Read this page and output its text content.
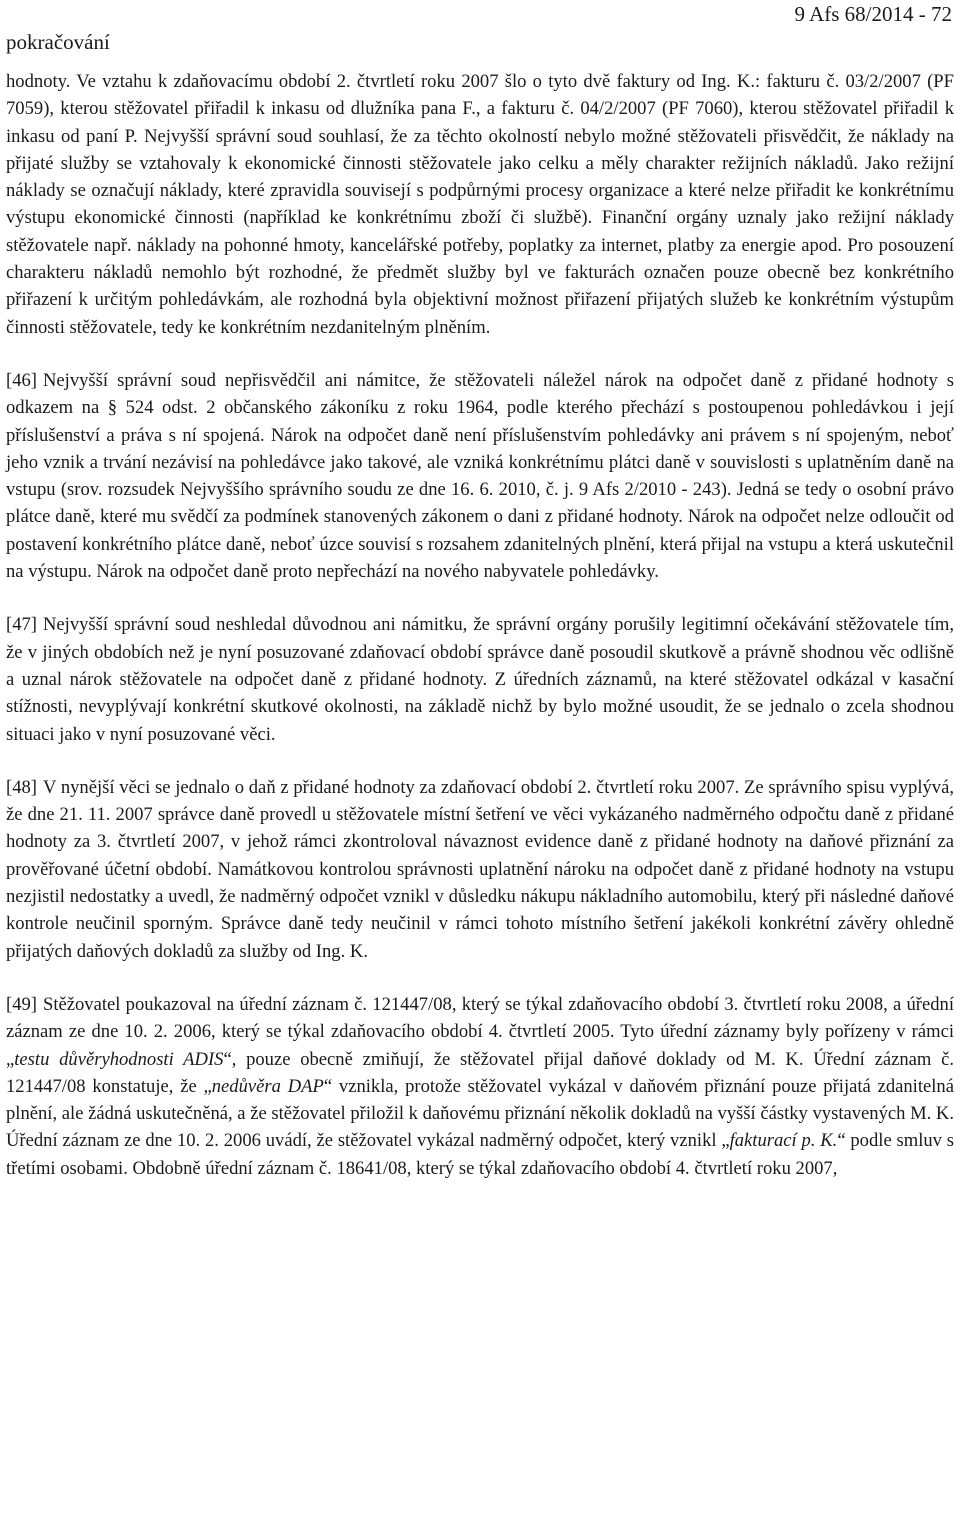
pokračování
9 Afs 68/2014 - 72

hodnoty. Ve vztahu k zdaňovacímu období 2. čtvrtletí roku 2007 šlo o tyto dvě faktury od Ing. K.: fakturu č. 03/2/2007 (PF 7059), kterou stěžovatel přiřadil k inkasu od dlužníka pana F., a fakturu č. 04/2/2007 (PF 7060), kterou stěžovatel přiřadil k inkasu od paní P. Nejvyšší správní soud souhlasí, že za těchto okolností nebylo možné stěžovateli přisvědčit, že náklady na přijaté služby se vztahovaly k ekonomické činnosti stěžovatele jako celku a měly charakter režijních nákladů. Jako režijní náklady se označují náklady, které zpravidla souvisejí s podpůrnými procesy organizace a které nelze přiřadit ke konkrétnímu výstupu ekonomické činnosti (například ke konkrétnímu zboží či službě). Finanční orgány uznaly jako režijní náklady stěžovatele např. náklady na pohonné hmoty, kancelářské potřeby, poplatky za internet, platby za energie apod. Pro posouzení charakteru nákladů nemohlo být rozhodné, že předmět služby byl ve fakturách označen pouze obecně bez konkrétního přiřazení k určitým pohledávkám, ale rozhodná byla objektivní možnost přiřazení přijatých služeb ke konkrétním výstupům činnosti stěžovatele, tedy ke konkrétním nezdanitelným plněním.

[46] Nejvyšší správní soud nepřisvědčil ani námitce, že stěžovateli náležel nárok na odpočet daně z přidané hodnoty s odkazem na § 524 odst. 2 občanského zákoníku z roku 1964, podle kterého přechází s postoupenou pohledávkou i její příslušenství a práva s ní spojená. Nárok na odpočet daně není příslušenstvím pohledávky ani právem s ní spojeným, neboť jeho vznik a trvání nezávisí na pohledávce jako takové, ale vzniká konkrétnímu plátci daně v souvislosti s uplatněním daně na vstupu (srov. rozsudek Nejvyššího správního soudu ze dne 16. 6. 2010, č. j. 9 Afs 2/2010 - 243). Jedná se tedy o osobní právo plátce daně, které mu svědčí za podmínek stanovených zákonem o dani z přidané hodnoty. Nárok na odpočet nelze odloučit od postavení konkrétního plátce daně, neboť úzce souvisí s rozsahem zdanitelných plnění, která přijal na vstupu a která uskutečnil na výstupu. Nárok na odpočet daně proto nepřechází na nového nabyvatele pohledávky.

[47] Nejvyšší správní soud neshledal důvodnou ani námitku, že správní orgány porušily legitimní očekávání stěžovatele tím, že v jiných obdobích než je nyní posuzované zdaňovací období správce daně posoudil skutkově a právně shodnou věc odlišně a uznal nárok stěžovatele na odpočet daně z přidané hodnoty. Z úředních záznamů, na které stěžovatel odkázal v kasační stížnosti, nevyplývají konkrétní skutkové okolnosti, na základě nichž by bylo možné usoudit, že se jednalo o zcela shodnou situaci jako v nyní posuzované věci.

[48] V nynější věci se jednalo o daň z přidané hodnoty za zdaňovací období 2. čtvrtletí roku 2007. Ze správního spisu vyplývá, že dne 21. 11. 2007 správce daně provedl u stěžovatele místní šetření ve věci vykázaného nadměrného odpočtu daně z přidané hodnoty za 3. čtvrtletí 2007, v jehož rámci zkontroloval návaznost evidence daně z přidané hodnoty na daňové přiznání za prověřované účetní období. Namátkovou kontrolou správnosti uplatnění nároku na odpočet daně z přidané hodnoty na vstupu nezjistil nedostatky a uvedl, že nadměrný odpočet vznikl v důsledku nákupu nákladního automobilu, který při následné daňové kontrole neučinil sporným. Správce daně tedy neučinil v rámci tohoto místního šetření jakékoli konkrétní závěry ohledně přijatých daňových dokladů za služby od Ing. K.

[49] Stěžovatel poukazoval na úřední záznam č. 121447/08, který se týkal zdaňovacího období 3. čtvrtletí roku 2008, a úřední záznam ze dne 10. 2. 2006, který se týkal zdaňovacího období 4. čtvrtletí 2005. Tyto úřední záznamy byly pořízeny v rámci „testu důvěryhodnosti ADIS“, pouze obecně zmiňují, že stěžovatel přijal daňové doklady od M. K. Úřední záznam č. 121447/08 konstatuje, že „nedůvěra DAP“ vznikla, protože stěžovatel vykázal v daňovém přiznání pouze přijatá zdanitelná plnění, ale žádná uskutečněná, a že stěžovatel přiložil k daňovému přiznání několik dokladů na vyšší částky vystavených M. K. Úřední záznam ze dne 10. 2. 2006 uvádí, že stěžovatel vykázal nadměrný odpočet, který vznikl „fakturací p. K.“ podle smluv s třetími osobami. Obdobně úřední záznam č. 18641/08, který se týkal zdaňovacího období 4. čtvrtletí roku 2007,
